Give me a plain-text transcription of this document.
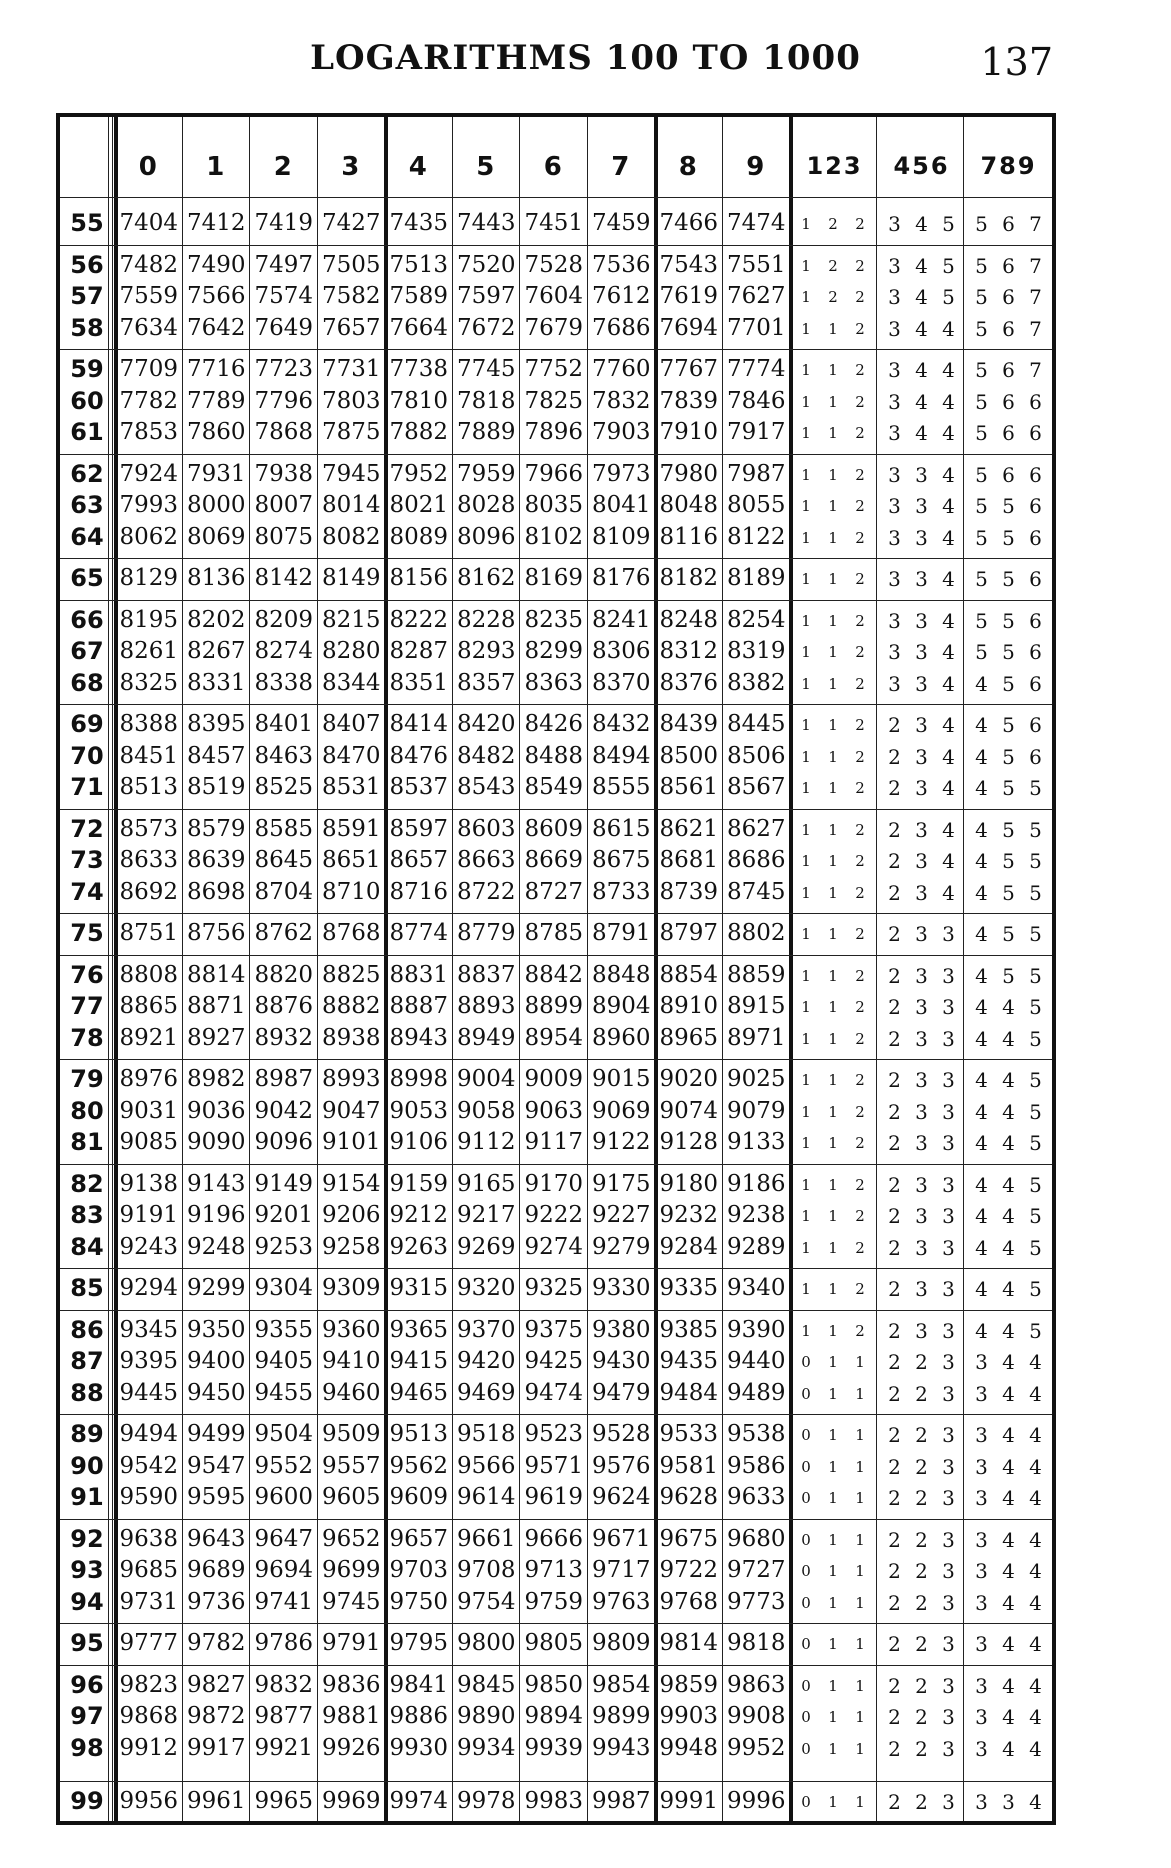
LOGARITHMS 100 TO 1000	137
0	1	2	3	4	5	6	7	8	9	123	456	789
55 7404 7412 7419 7427 7435 7443 7451 7459 7466 7474	1 2 2	3 4 5	5 6 7
56 7482 7490 7497 7505 7513 7520 7528 7536 7543 7551	1 2 2	3 4 5	5 6 7
57 7559 7566 7574 7582 7589 7597 7604 7612 7619 7627	1 2 2	3 4 5	5 6 7
58 7634 7642 7649 7657 7664 7672 7679 7686 7694 7701	1 1 2	3 4 4	5 6 7
59 7709 7716 7723 7731 7738 7745 7752 7760 7767 7774	1 1 2	3 4 4	5 6 7
60 7782 7789 7796 7803 7810 7818 7825 7832 7839 7846	1 1 2	3 4 4	5 6 6
61 7853 7860 7868 7875 7882 7889 7896 7903 7910 7917	1 1 2	3 4 4	5 6 6
62 7924 7931 7938 7945 7952 7959 7966 7973 7980 7987	1 1 2	3 3 4	5 6 6
63 7993 8000 8007 8014 8021 8028 8035 8041 8048 8055	1 1 2	3 3 4	5 5 6
64 8062 8069 8075 8082 8089 8096 8102 8109 8116 8122	1 1 2	3 3 4	5 5 6
65 8129 8136 8142 8149 8156 8162 8169 8176 8182 8189	1 1 2	3 3 4	5 5 6
66 8195 8202 8209 8215 8222 8228 8235 8241 8248 8254	1 1 2	3 3 4	5 5 6
67 8261 8267 8274 8280 8287 8293 8299 8306 8312 8319	1 1 2	3 3 4	5 5 6
68 8325 8331 8338 8344 8351 8357 8363 8370 8376 8382	1 1 2	3 3 4	4 5 6
69 8388 8395 8401 8407 8414 8420 8426 8432 8439 8445	1 1 2	2 3 4	4 5 6
70 8451 8457 8463 8470 8476 8482 8488 8494 8500 8506	1 1 2	2 3 4	4 5 6
71 8513 8519 8525 8531 8537 8543 8549 8555 8561 8567	1 1 2	2 3 4	4 5 5
72 8573 8579 8585 8591 8597 8603 8609 8615 8621 8627	1 1 2	2 3 4	4 5 5
73 8633 8639 8645 8651 8657 8663 8669 8675 8681 8686	1 1 2	2 3 4	4 5 5
74 8692 8698 8704 8710 8716 8722 8727 8733 8739 8745	1 1 2	2 3 4	4 5 5
75 8751 8756 8762 8768 8774 8779 8785 8791 8797 8802	1 1 2	2 3 3	4 5 5
76 8808 8814 8820 8825 8831 8837 8842 8848 8854 8859	1 1 2	2 3 3	4 5 5
77 8865 8871 8876 8882 8887 8893 8899 8904 8910 8915	1 1 2	2 3 3	4 4 5
78 8921 8927 8932 8938 8943 8949 8954 8960 8965 8971	1 1 2	2 3 3	4 4 5
79 8976 8982 8987 8993 8998 9004 9009 9015 9020 9025	1 1 2	2 3 3	4 4 5
80 9031 9036 9042 9047 9053 9058 9063 9069 9074 9079	1 1 2	2 3 3	4 4 5
81 9085 9090 9096 9101 9106 9112 9117 9122 9128 9133	1 1 2	2 3 3	4 4 5
82 9138 9143 9149 9154 9159 9165 9170 9175 9180 9186	1 1 2	2 3 3	4 4 5
83 9191 9196 9201 9206 9212 9217 9222 9227 9232 9238	1 1 2	2 3 3	4 4 5
84 9243 9248 9253 9258 9263 9269 9274 9279 9284 9289	1 1 2	2 3 3	4 4 5
85 9294 9299 9304 9309 9315 9320 9325 9330 9335 9340	1 1 2	2 3 3	4 4 5
86 9345 9350 9355 9360 9365 9370 9375 9380 9385 9390	1 1 2	2 3 3	4 4 5
87 9395 9400 9405 9410 9415 9420 9425 9430 9435 9440	0 1 1	2 2 3	3 4 4
88 9445 9450 9455 9460 9465 9469 9474 9479 9484 9489	0 1 1	2 2 3	3 4 4
89 9494 9499 9504 9509 9513 9518 9523 9528 9533 9538	0 1 1	2 2 3	3 4 4
90 9542 9547 9552 9557 9562 9566 9571 9576 9581 9586	0 1 1	2 2 3	3 4 4
91 9590 9595 9600 9605 9609 9614 9619 9624 9628 9633	0 1 1	2 2 3	3 4 4
92 9638 9643 9647 9652 9657 9661 9666 9671 9675 9680	0 1 1	2 2 3	3 4 4
93 9685 9689 9694 9699 9703 9708 9713 9717 9722 9727	0 1 1	2 2 3	3 4 4
94 9731 9736 9741 9745 9750 9754 9759 9763 9768 9773	0 1 1	2 2 3	3 4 4
95 9777 9782 9786 9791 9795 9800 9805 9809 9814 9818	0 1 1	2 2 3	3 4 4
96 9823 9827 9832 9836 9841 9845 9850 9854 9859 9863	0 1 1	2 2 3	3 4 4
97 9868 9872 9877 9881 9886 9890 9894 9899 9903 9908	0 1 1	2 2 3	3 4 4
98 9912 9917 9921 9926 9930 9934 9939 9943 9948 9952	0 1 1	2 2 3	3 4 4
99 9956 9961 9965 9969 9974 9978 9983 9987 9991 9996	0 1 1	2 2 3	3 3 4
